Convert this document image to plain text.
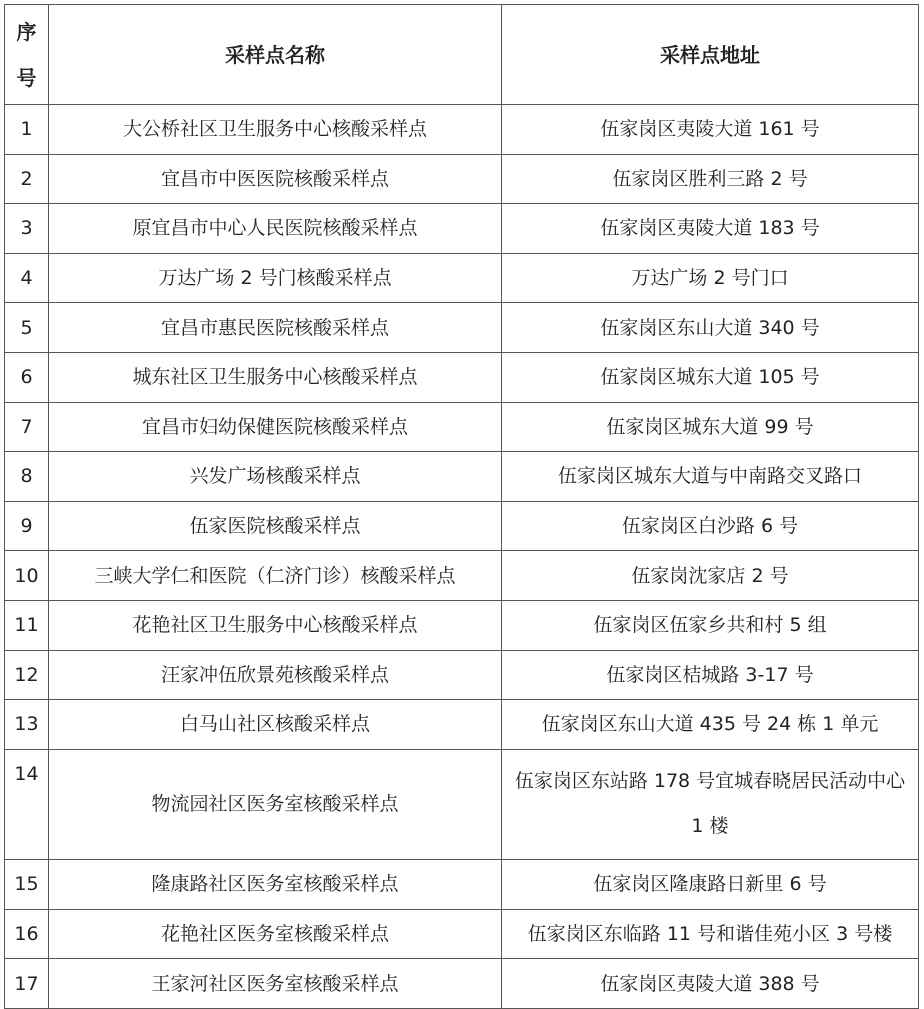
序
号	采样点名称	采样点地址
1	大公桥社区卫生服务中心核酸采样点	伍家岗区夷陵大道 161 号
2	宜昌市中医医院核酸采样点	伍家岗区胜利三路 2 号
3	原宜昌市中心人民医院核酸采样点	伍家岗区夷陵大道 183 号
4	万达广场 2 号门核酸采样点	万达广场 2 号门口
5	宜昌市惠民医院核酸采样点	伍家岗区东山大道 340 号
6	城东社区卫生服务中心核酸采样点	伍家岗区城东大道 105 号
7	宜昌市妇幼保健医院核酸采样点	伍家岗区城东大道 99 号
8	兴发广场核酸采样点	伍家岗区城东大道与中南路交叉路口
9	伍家医院核酸采样点	伍家岗区白沙路 6 号
10	三峡大学仁和医院（仁济门诊）核酸采样点	伍家岗沈家店 2 号
11	花艳社区卫生服务中心核酸采样点	伍家岗区伍家乡共和村 5 组
12	汪家冲伍欣景苑核酸采样点	伍家岗区桔城路 3-17 号
13	白马山社区核酸采样点	伍家岗区东山大道 435 号 24 栋 1 单元
14	物流园社区医务室核酸采样点	伍家岗区东站路 178 号宜城春晓居民活动中心 1 楼
15	隆康路社区医务室核酸采样点	伍家岗区隆康路日新里 6 号
16	花艳社区医务室核酸采样点	伍家岗区东临路 11 号和谐佳苑小区 3 号楼
17	王家河社区医务室核酸采样点	伍家岗区夷陵大道 388 号
